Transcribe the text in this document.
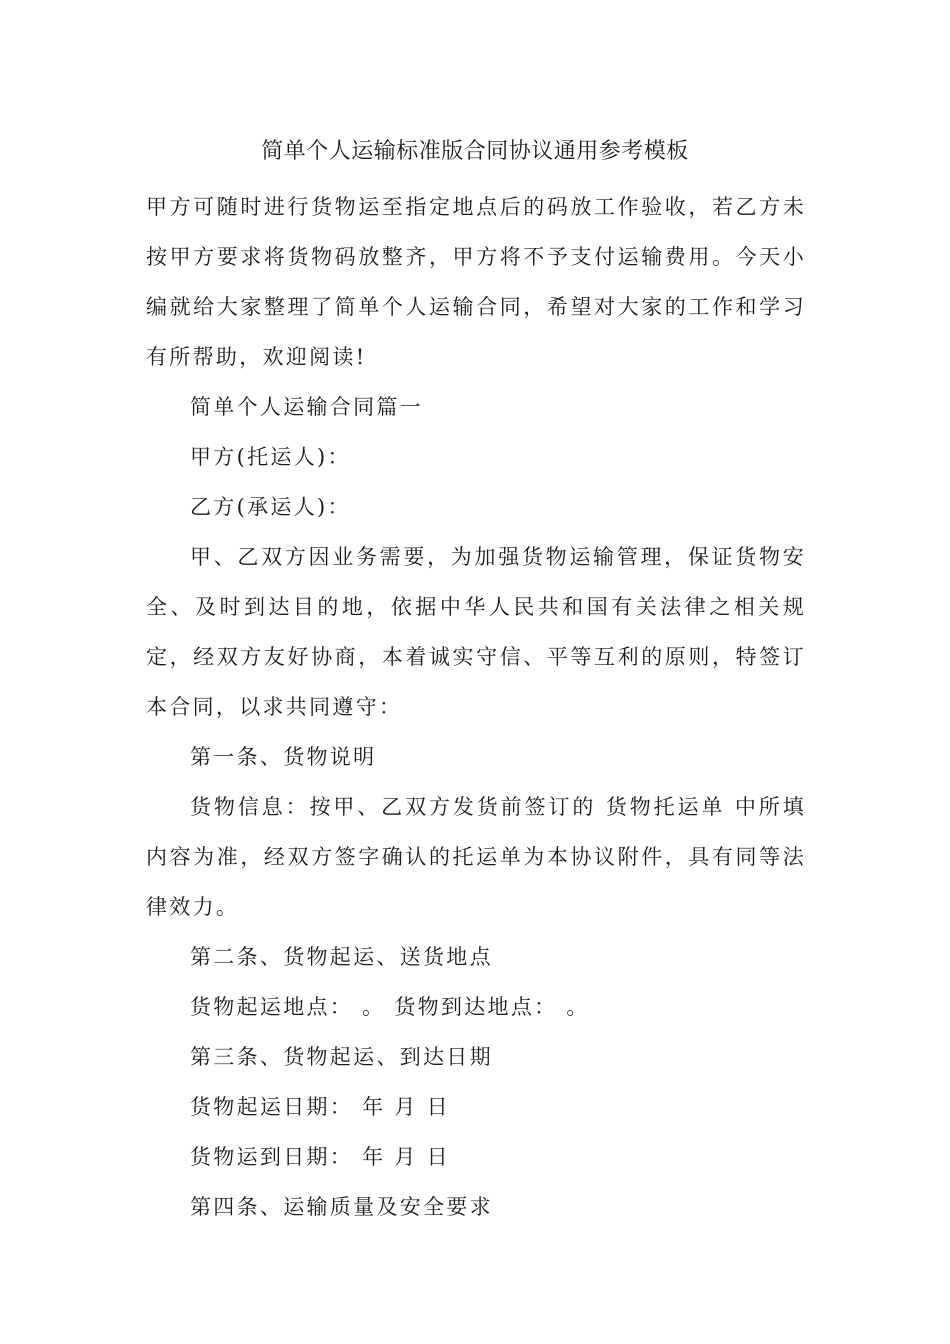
简单个人运输标准版合同协议通用参考模板

甲方可随时进行货物运至指定地点后的码放工作验收，若乙方未按甲方要求将货物码放整齐，甲方将不予支付运输费用。今天小编就给大家整理了简单个人运输合同，希望对大家的工作和学习有所帮助，欢迎阅读!

简单个人运输合同篇一

甲方(托运人)：

乙方(承运人)：

甲、乙双方因业务需要，为加强货物运输管理，保证货物安全、及时到达目的地，依据中华人民共和国有关法律之相关规定，经双方友好协商，本着诚实守信、平等互利的原则，特签订本合同，以求共同遵守：

第一条、货物说明

货物信息：按甲、乙双方发货前签订的 货物托运单 中所填内容为准，经双方签字确认的托运单为本协议附件，具有同等法律效力。

第二条、货物起运、送货地点

货物起运地点： 。 货物到达地点： 。

第三条、货物起运、到达日期

货物起运日期： 年 月 日

货物运到日期： 年 月 日

第四条、运输质量及安全要求
